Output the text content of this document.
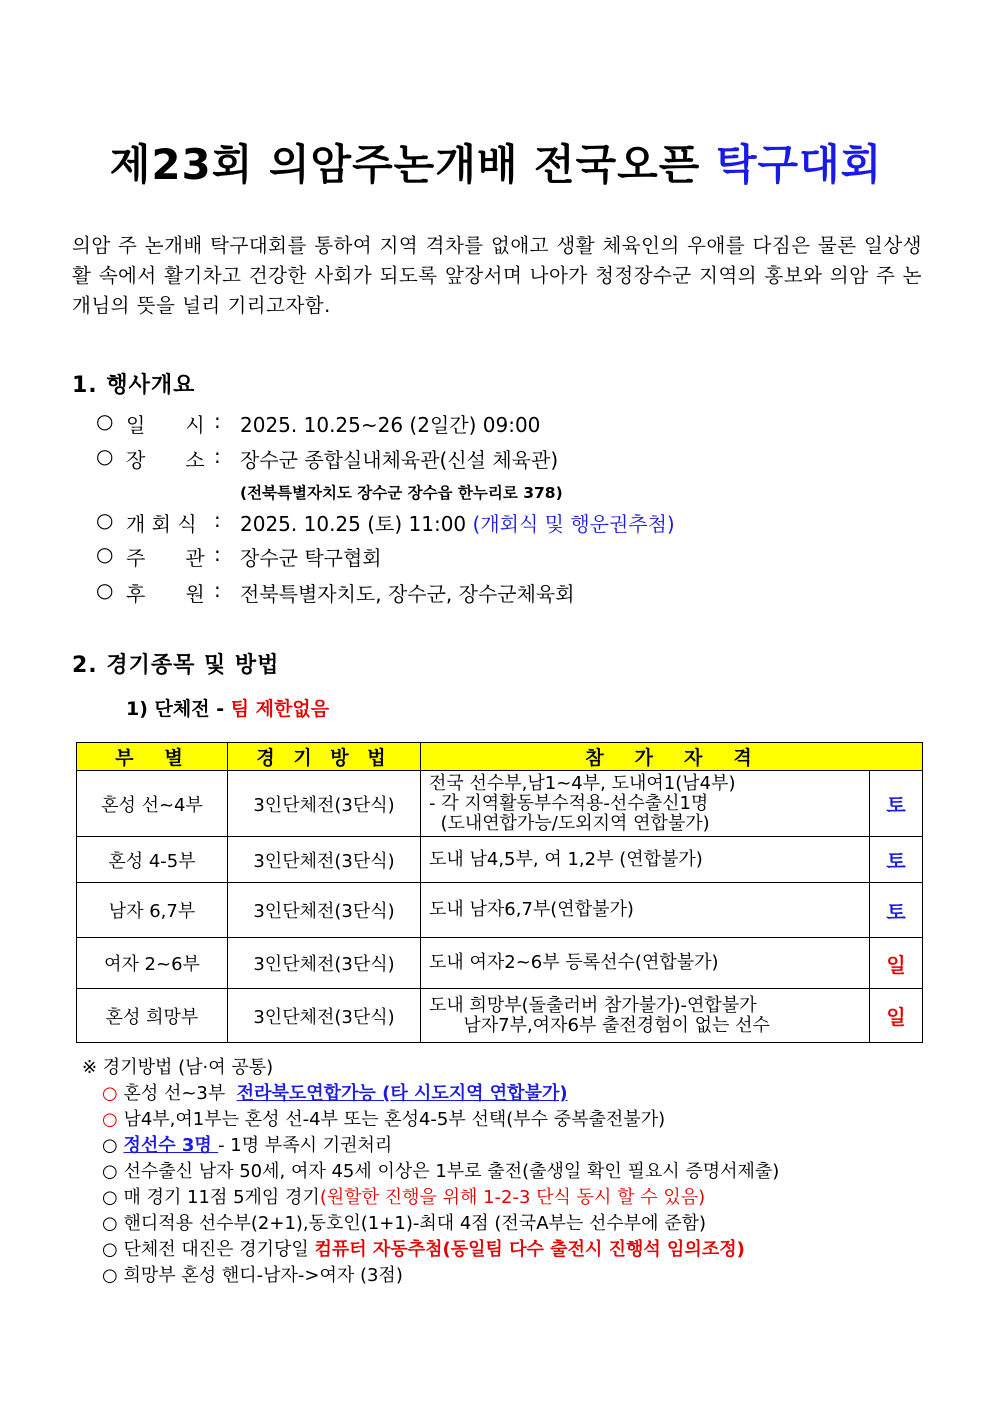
제23회 의암주논개배 전국오픈 탁구대회
의암 주 논개배 탁구대회를 통하여 지역 격차를 없애고 생활 체육인의 우애를 다짐은 물론 일상생활 속에서 활기차고 건강한 사회가 되도록 앞장서며 나아가 청정장수군 지역의 홍보와 의암 주 논개님의 뜻을 널리 기리고자함.
1. 행사개요
○ 일　　시 : 2025. 10.25~26 (2일간) 09:00
○ 장　　소 : 장수군 종합실내체육관(신설 체육관)
(전북특별자치도 장수군 장수읍 한누리로 378)
○ 개 회 식 : 2025. 10.25 (토) 11:00 (개회식 및 행운권추첨)
○ 주　　관 : 장수군 탁구협회
○ 후　　원 : 전북특별자치도, 장수군, 장수군체육회
2. 경기종목 및 방법
1) 단체전 - 팀 제한없음
부　별	경 기 방 법	참　가　자　격	
혼성 선~4부	3인단체전(3단식)	전국 선수부,남1~4부, 도내여1(남4부)
- 각 지역활동부수적용-선수출신1명
(도내연합가능/도외지역 연합불가)	토
혼성 4-5부	3인단체전(3단식)	도내 남4,5부, 여 1,2부 (연합불가)	토
남자 6,7부	3인단체전(3단식)	도내 남자6,7부(연합불가)	토
여자 2~6부	3인단체전(3단식)	도내 여자2~6부 등록선수(연합불가)	일
혼성 희망부	3인단체전(3단식)	도내 희망부(돌출러버 참가불가)-연합불가
남자7부,여자6부 출전경험이 없는 선수	일
※ 경기방법 (남·여 공통)
○ 혼성 선~3부  전라북도연합가능 (타 시도지역 연합불가)
○ 남4부,여1부는 혼성 선-4부 또는 혼성4-5부 선택(부수 중복출전불가)
○ 정선수 3명 - 1명 부족시 기권처리
○ 선수출신 남자 50세, 여자 45세 이상은 1부로 출전(출생일 확인 필요시 증명서제출)
○ 매 경기 11점 5게임 경기(원할한 진행을 위해 1-2-3 단식 동시 할 수 있음)
○ 핸디적용 선수부(2+1),동호인(1+1)-최대 4점 (전국A부는 선수부에 준함)
○ 단체전 대진은 경기당일 컴퓨터 자동추첨(동일팀 다수 출전시 진행석 임의조정)
○ 희망부 혼성 핸디-남자->여자 (3점)
